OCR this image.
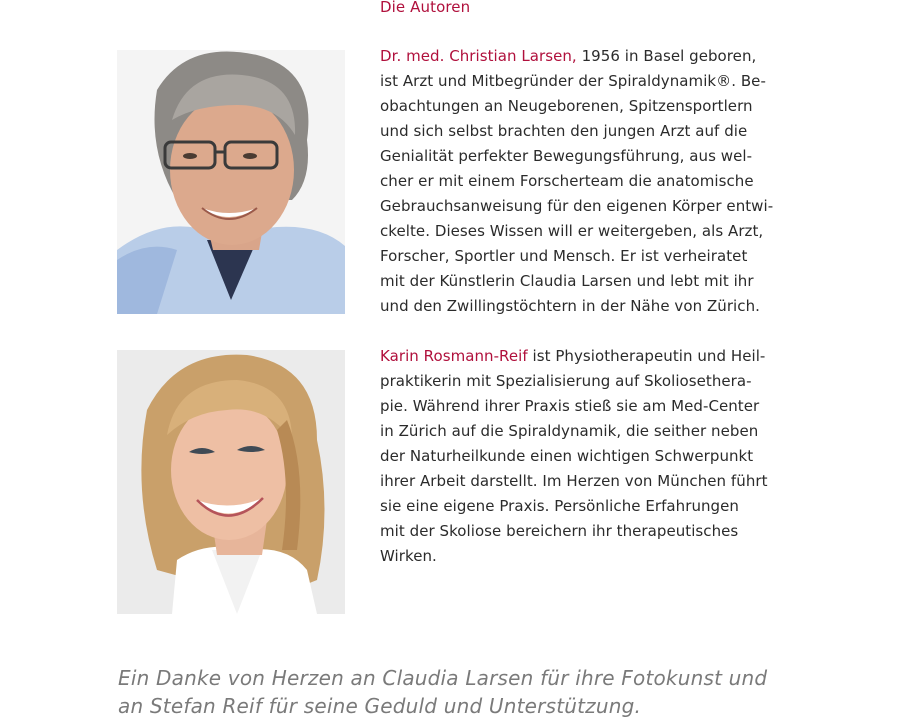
Die Autoren
Dr. med. Christian Larsen, 1956 in Basel geboren,
ist Arzt und Mitbegründer der Spiraldynamik®. Be-
obachtungen an Neugeborenen, Spitzensportlern
und sich selbst brachten den jungen Arzt auf die
Genialität perfekter Bewegungsführung, aus wel-
cher er mit einem Forscherteam die anatomische
Gebrauchsanweisung für den eigenen Körper entwi-
ckelte. Dieses Wissen will er weitergeben, als Arzt,
Forscher, Sportler und Mensch. Er ist verheiratet
mit der Künstlerin Claudia Larsen und lebt mit ihr
und den Zwillingstöchtern in der Nähe von Zürich.
Karin Rosmann-Reif ist Physiotherapeutin und Heil-
praktikerin mit Spezialisierung auf Skoliosethera-
pie. Während ihrer Praxis stieß sie am Med-Center
in Zürich auf die Spiraldynamik, die seither neben
der Naturheilkunde einen wichtigen Schwerpunkt
ihrer Arbeit darstellt. Im Herzen von München führt
sie eine eigene Praxis. Persönliche Erfahrungen
mit der Skoliose bereichern ihr therapeutisches
Wirken.
Ein Danke von Herzen an Claudia Larsen für ihre Fotokunst und
an Stefan Reif für seine Geduld und Unterstützung.
